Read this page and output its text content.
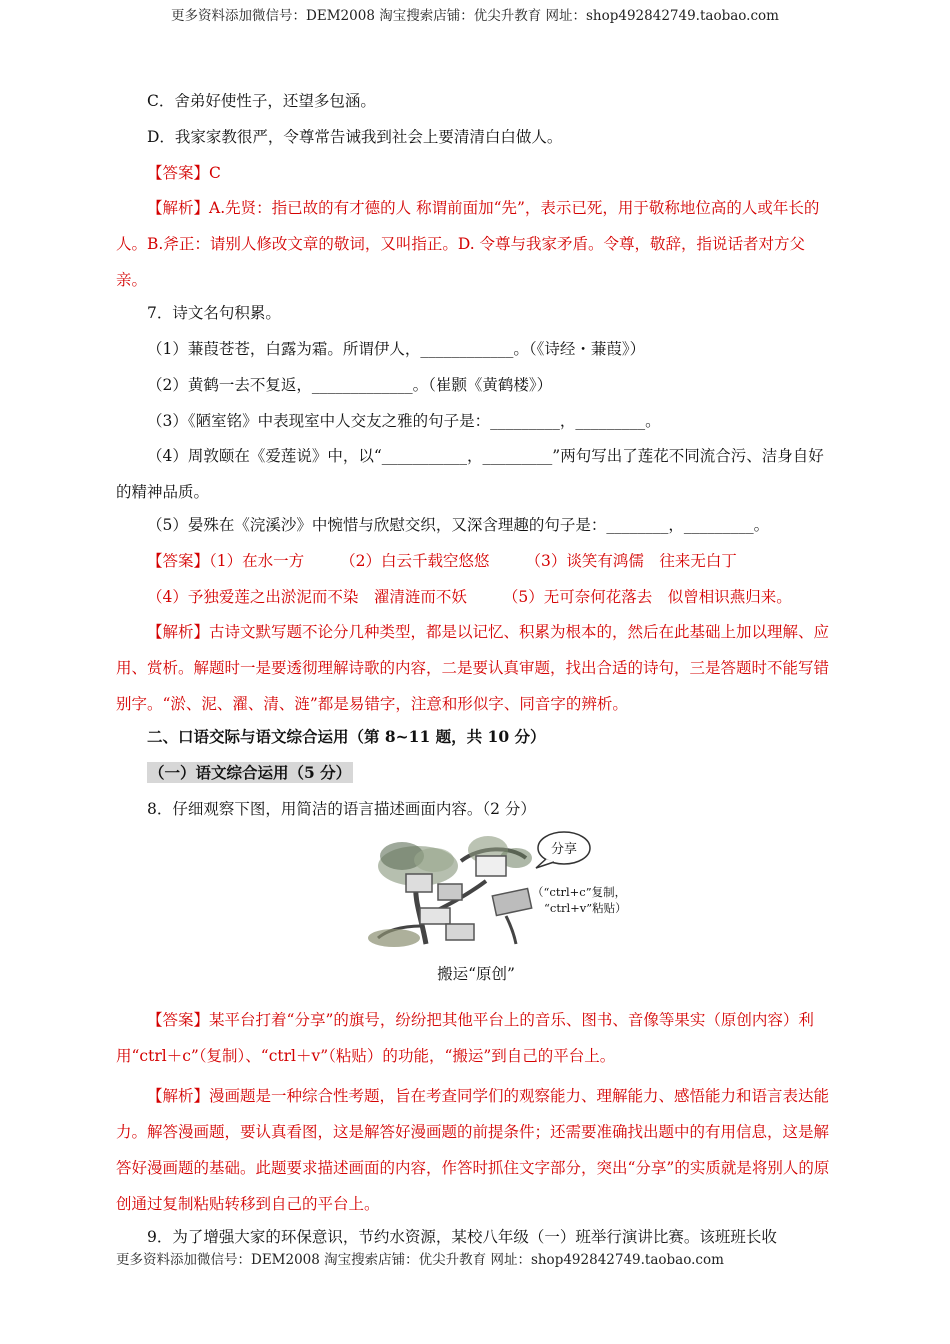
更多资料添加微信号：DEM2008 淘宝搜索店铺：优尖升教育 网址：shop492842749.taobao.com

C．舍弟好使性子，还望多包涵。

D．我家家教很严，令尊常告诫我到社会上要清清白白做人。

【答案】C

【解析】A.先贤：指已故的有才德的人 称谓前面加“先”，表示已死，用于敬称地位高的人或年长的人。B.斧正：请别人修改文章的敬词，又叫指正。D. 令尊与我家矛盾。令尊，敬辞，指说话者对方父亲。

7．诗文名句积累。

（1）蒹葭苍苍，白露为霜。所谓伊人，____________。（《诗经・蒹葭》）

（2）黄鹤一去不复返，_____________。（崔颢《黄鹤楼》）

（3）《陋室铭》中表现室中人交友之雅的句子是：_________，_________。

（4）周敦颐在《爱莲说》中，以“___________，_________”两句写出了莲花不同流合污、洁身自好的精神品质。

（5）晏殊在《浣溪沙》中惋惜与欣慰交织，又深含理趣的句子是：________，_________。

【答案】（1）在水一方 （2）白云千载空悠悠 （3）谈笑有鸿儒　往来无白丁

（4）予独爱莲之出淤泥而不染　濯清涟而不妖 （5）无可奈何花落去　似曾相识燕归来。

【解析】古诗文默写题不论分几种类型，都是以记忆、积累为根本的，然后在此基础上加以理解、应用、赏析。解题时一是要透彻理解诗歌的内容，二是要认真审题，找出合适的诗句，三是答题时不能写错别字。“淤、泥、濯、清、涟”都是易错字，注意和形似字、同音字的辨析。

二、口语交际与语文综合运用（第 8~11 题，共 10 分）

（一）语文综合运用（5 分）

8．仔细观察下图，用简洁的语言描述画面内容。（2 分）

分享
（“ctrl+c”复制，
“ctrl+v”粘贴）

搬运“原创”

【答案】某平台打着“分享”的旗号，纷纷把其他平台上的音乐、图书、音像等果实（原创内容）利用“ctrl＋c”（复制）、“ctrl＋v”（粘贴）的功能，“搬运”到自己的平台上。

【解析】漫画题是一种综合性考题，旨在考查同学们的观察能力、理解能力、感悟能力和语言表达能力。解答漫画题，要认真看图，这是解答好漫画题的前提条件；还需要准确找出题中的有用信息，这是解答好漫画题的基础。此题要求描述画面的内容，作答时抓住文字部分，突出“分享”的实质就是将别人的原创通过复制粘贴转移到自己的平台上。

9．为了增强大家的环保意识，节约水资源，某校八年级（一）班举行演讲比赛。该班班长收

更多资料添加微信号：DEM2008 淘宝搜索店铺：优尖升教育 网址：shop492842749.taobao.com
